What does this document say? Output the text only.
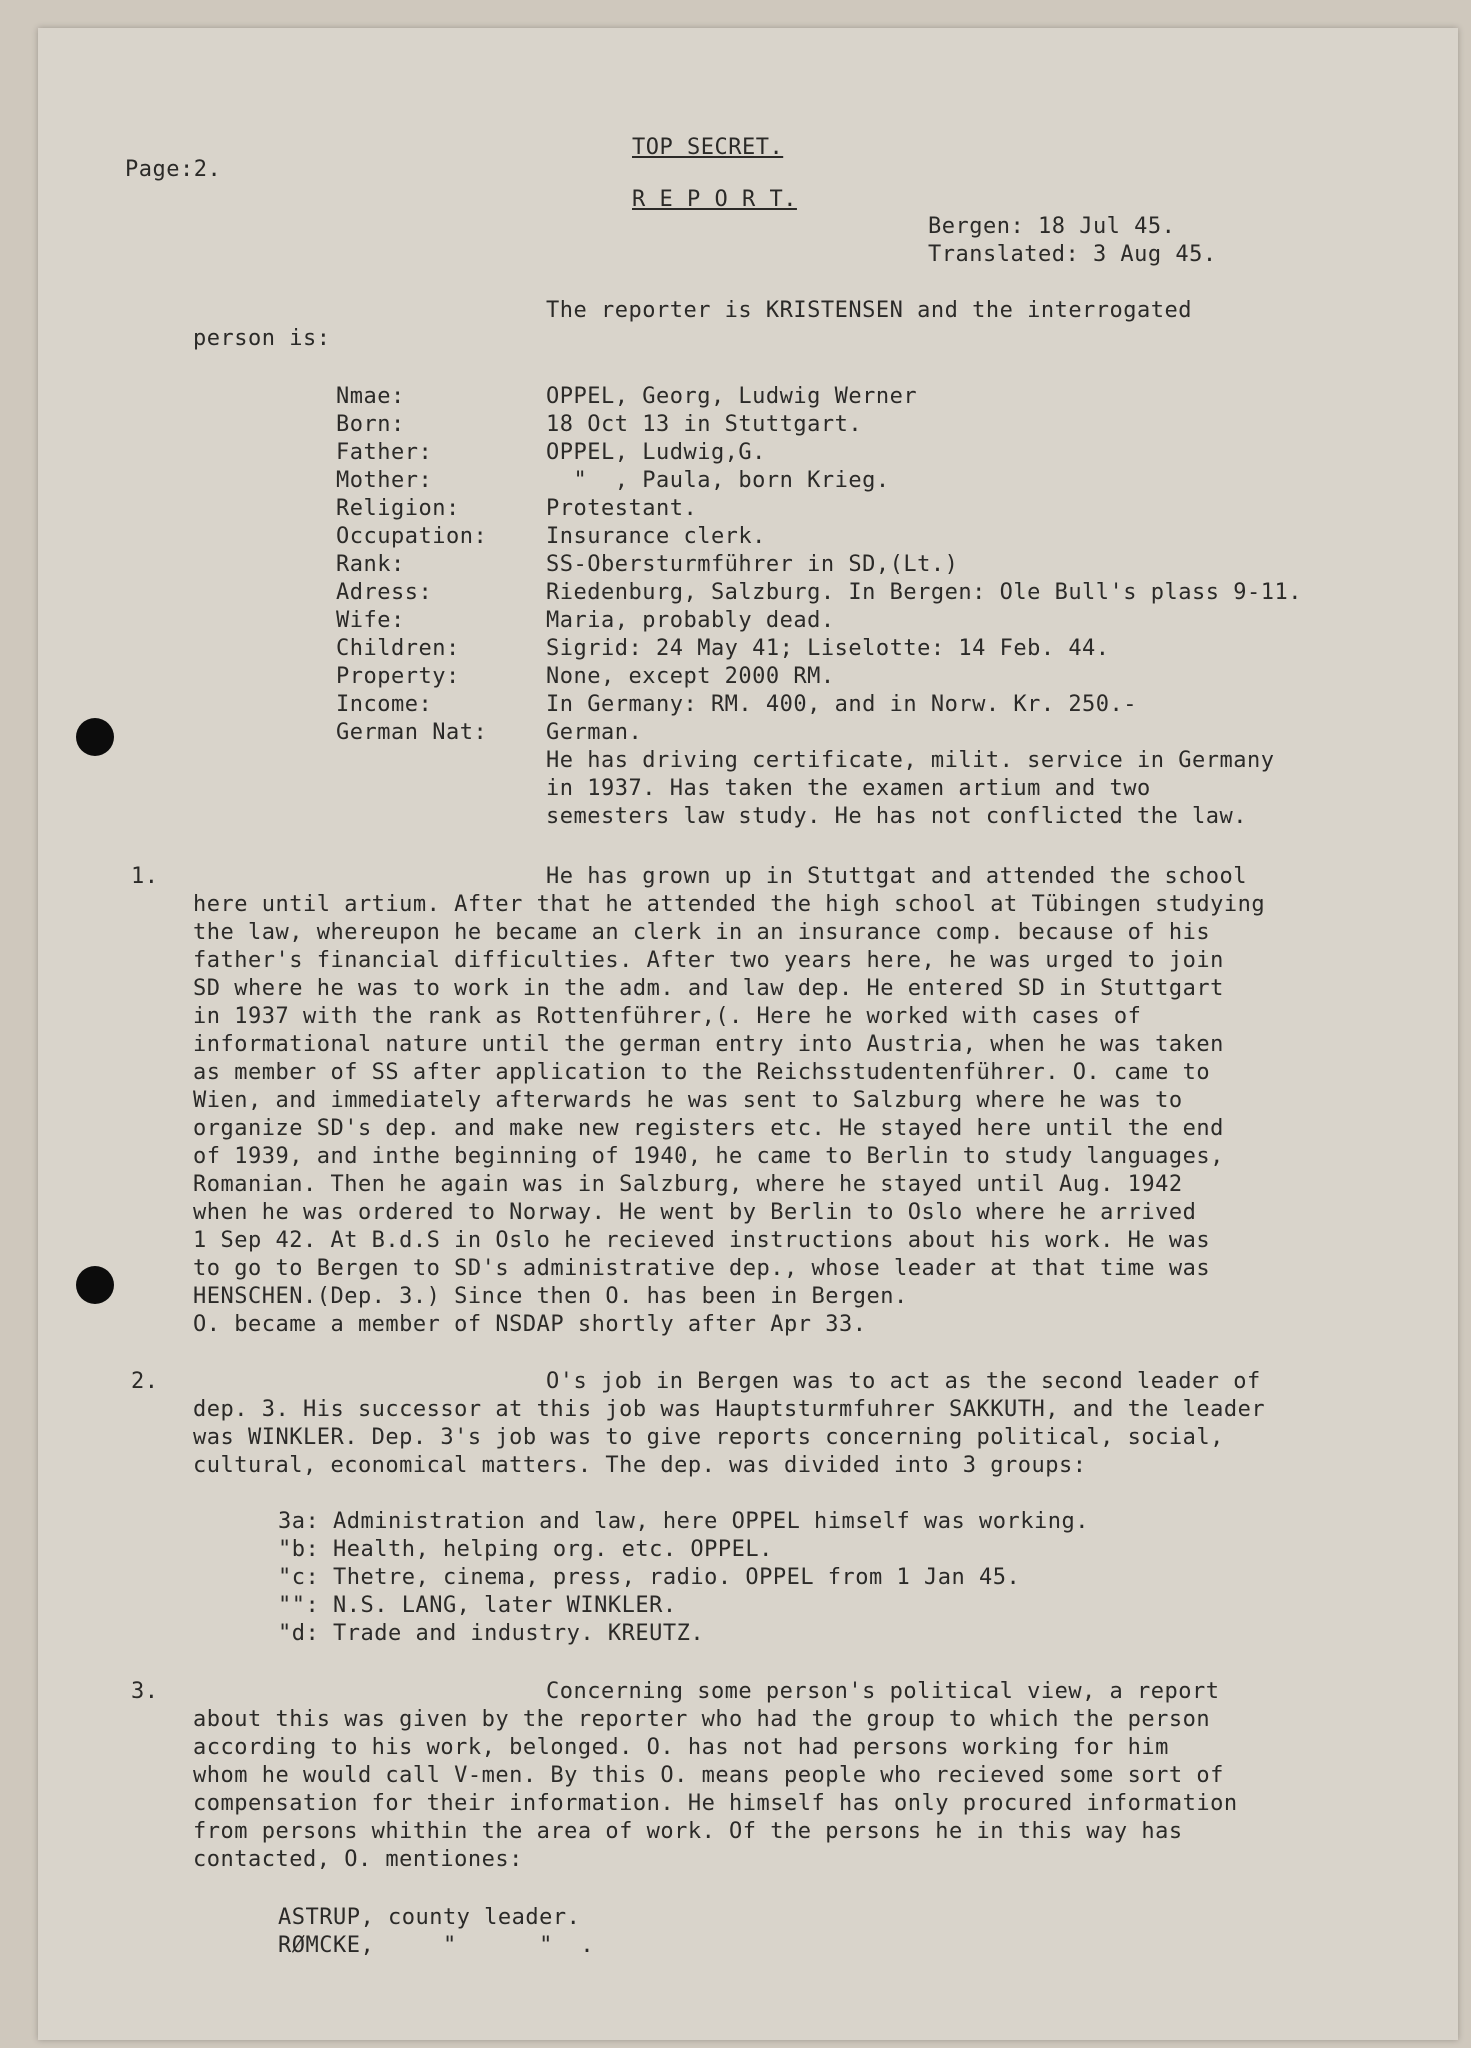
Page:2.
TOP SECRET.
R E P O R T.
Bergen: 18 Jul 45.
Translated: 3 Aug 45.
The reporter is KRISTENSEN and the interrogated
person is:
Nmae:	OPPEL, Georg, Ludwig Werner
Born:	18 Oct 13 in Stuttgart.
Father:	OPPEL, Ludwig,G.
Mother:	"  , Paula, born Krieg.
Religion:	Protestant.
Occupation:	Insurance clerk.
Rank:	SS-Obersturmführer in SD,(Lt.)
Adress:	Riedenburg, Salzburg. In Bergen: Ole Bull's plass 9-11.
Wife:	Maria, probably dead.
Children:	Sigrid: 24 May 41; Liselotte: 14 Feb. 44.
Property:	None, except 2000 RM.
Income:	In Germany: RM. 400, and in Norw. Kr. 250.-
German Nat:	German.
He has driving certificate, milit. service in Germany
in 1937. Has taken the examen artium and two
semesters law study. He has not conflicted the law.
1.	He has grown up in Stuttgat and attended the school
here until artium. After that he attended the high school at Tübingen studying
the law, whereupon he became an clerk in an insurance comp. because of his
father's financial difficulties. After two years here, he was urged to join
SD where he was to work in the adm. and law dep. He entered SD in Stuttgart
in 1937 with the rank as Rottenführer,(. Here he worked with cases of
informational nature until the german entry into Austria, when he was taken
as member of SS after application to the Reichsstudentenführer. O. came to
Wien, and immediately afterwards he was sent to Salzburg where he was to
organize SD's dep. and make new registers etc. He stayed here until the end
of 1939, and inthe beginning of 1940, he came to Berlin to study languages,
Romanian. Then he again was in Salzburg, where he stayed until Aug. 1942
when he was ordered to Norway. He went by Berlin to Oslo where he arrived
1 Sep 42. At B.d.S in Oslo he recieved instructions about his work. He was
to go to Bergen to SD's administrative dep., whose leader at that time was
HENSCHEN.(Dep. 3.) Since then O. has been in Bergen.
O. became a member of NSDAP shortly after Apr 33.
2.	O's job in Bergen was to act as the second leader of
dep. 3. His successor at this job was Hauptsturmfuhrer SAKKUTH, and the leader
was WINKLER. Dep. 3's job was to give reports concerning political, social,
cultural, economical matters. The dep. was divided into 3 groups:
3a: Administration and law, here OPPEL himself was working.
"b: Health, helping org. etc. OPPEL.
"c: Thetre, cinema, press, radio. OPPEL from 1 Jan 45.
"": N.S. LANG, later WINKLER.
"d: Trade and industry. KREUTZ.
3.	Concerning some person's political view, a report
about this was given by the reporter who had the group to which the person
according to his work, belonged. O. has not had persons working for him
whom he would call V-men. By this O. means people who recieved some sort of
compensation for their information. He himself has only procured information
from persons whithin the area of work. Of the persons he in this way has
contacted, O. mentiones:
ASTRUP, county leader.
RØMCKE,     "      "  .
